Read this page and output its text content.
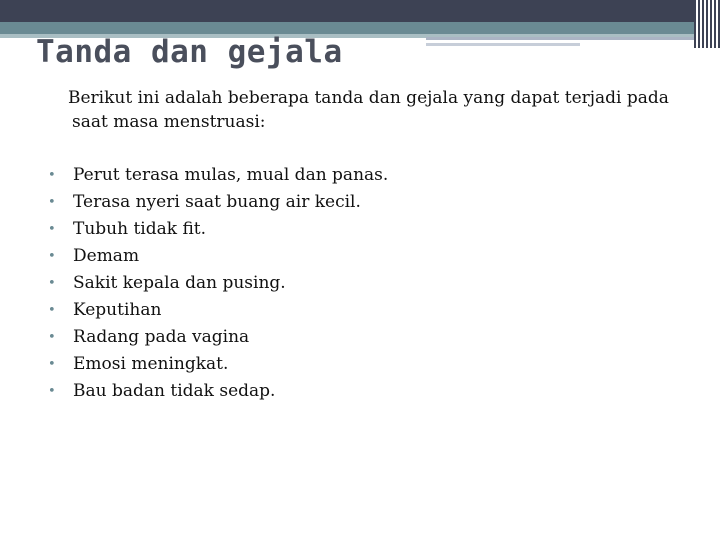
Tanda dan gejala

Berikut ini adalah beberapa tanda dan gejala yang dapat terjadi pada
saat masa menstruasi:

• Perut terasa mulas, mual dan panas.
• Terasa nyeri saat buang air kecil.
• Tubuh tidak fit.
• Demam
• Sakit kepala dan pusing.
• Keputihan
• Radang pada vagina
• Emosi meningkat.
• Bau badan tidak sedap.
